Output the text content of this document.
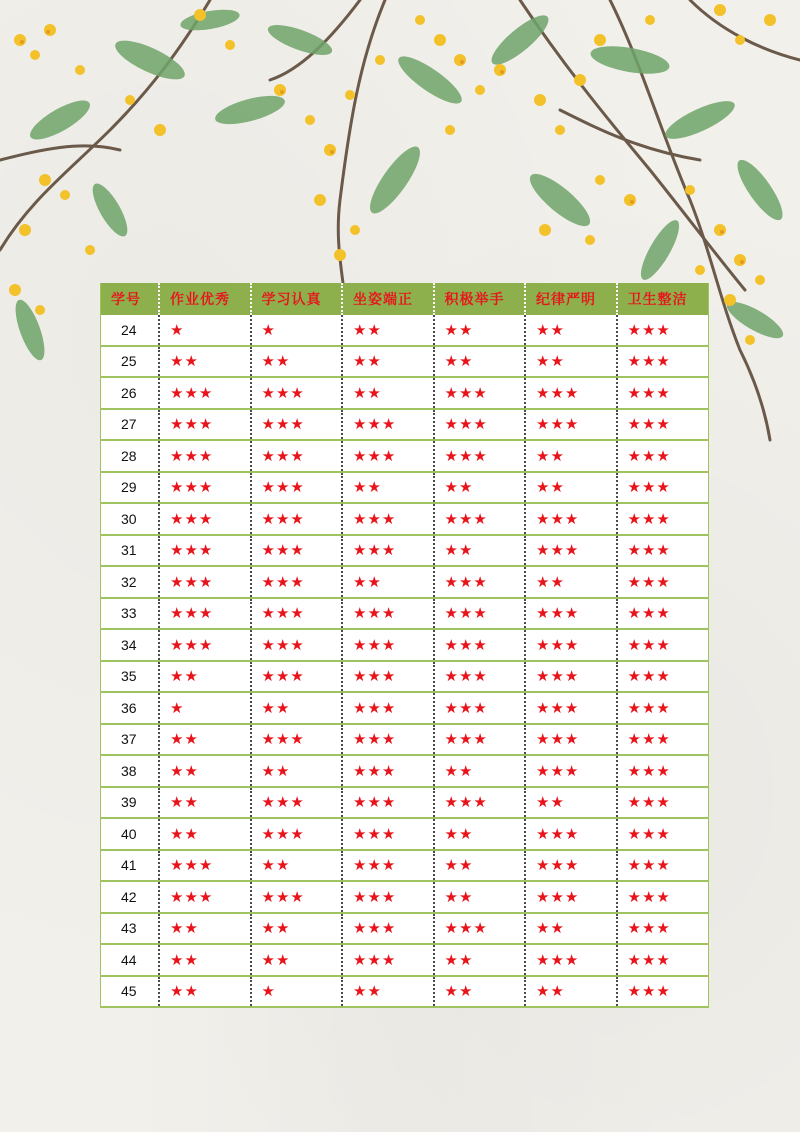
学号	作业优秀	学习认真	坐姿端正	积极举手	纪律严明	卫生整洁
24	★	★	★★	★★	★★	★★★
25	★★	★★	★★	★★	★★	★★★
26	★★★	★★★	★★	★★★	★★★	★★★
27	★★★	★★★	★★★	★★★	★★★	★★★
28	★★★	★★★	★★★	★★★	★★	★★★
29	★★★	★★★	★★	★★	★★	★★★
30	★★★	★★★	★★★	★★★	★★★	★★★
31	★★★	★★★	★★★	★★	★★★	★★★
32	★★★	★★★	★★	★★★	★★	★★★
33	★★★	★★★	★★★	★★★	★★★	★★★
34	★★★	★★★	★★★	★★★	★★★	★★★
35	★★	★★★	★★★	★★★	★★★	★★★
36	★	★★	★★★	★★★	★★★	★★★
37	★★	★★★	★★★	★★★	★★★	★★★
38	★★	★★	★★★	★★	★★★	★★★
39	★★	★★★	★★★	★★★	★★	★★★
40	★★	★★★	★★★	★★	★★★	★★★
41	★★★	★★	★★★	★★	★★★	★★★
42	★★★	★★★	★★★	★★	★★★	★★★
43	★★	★★	★★★	★★★	★★	★★★
44	★★	★★	★★★	★★	★★★	★★★
45	★★	★	★★	★★	★★	★★★
